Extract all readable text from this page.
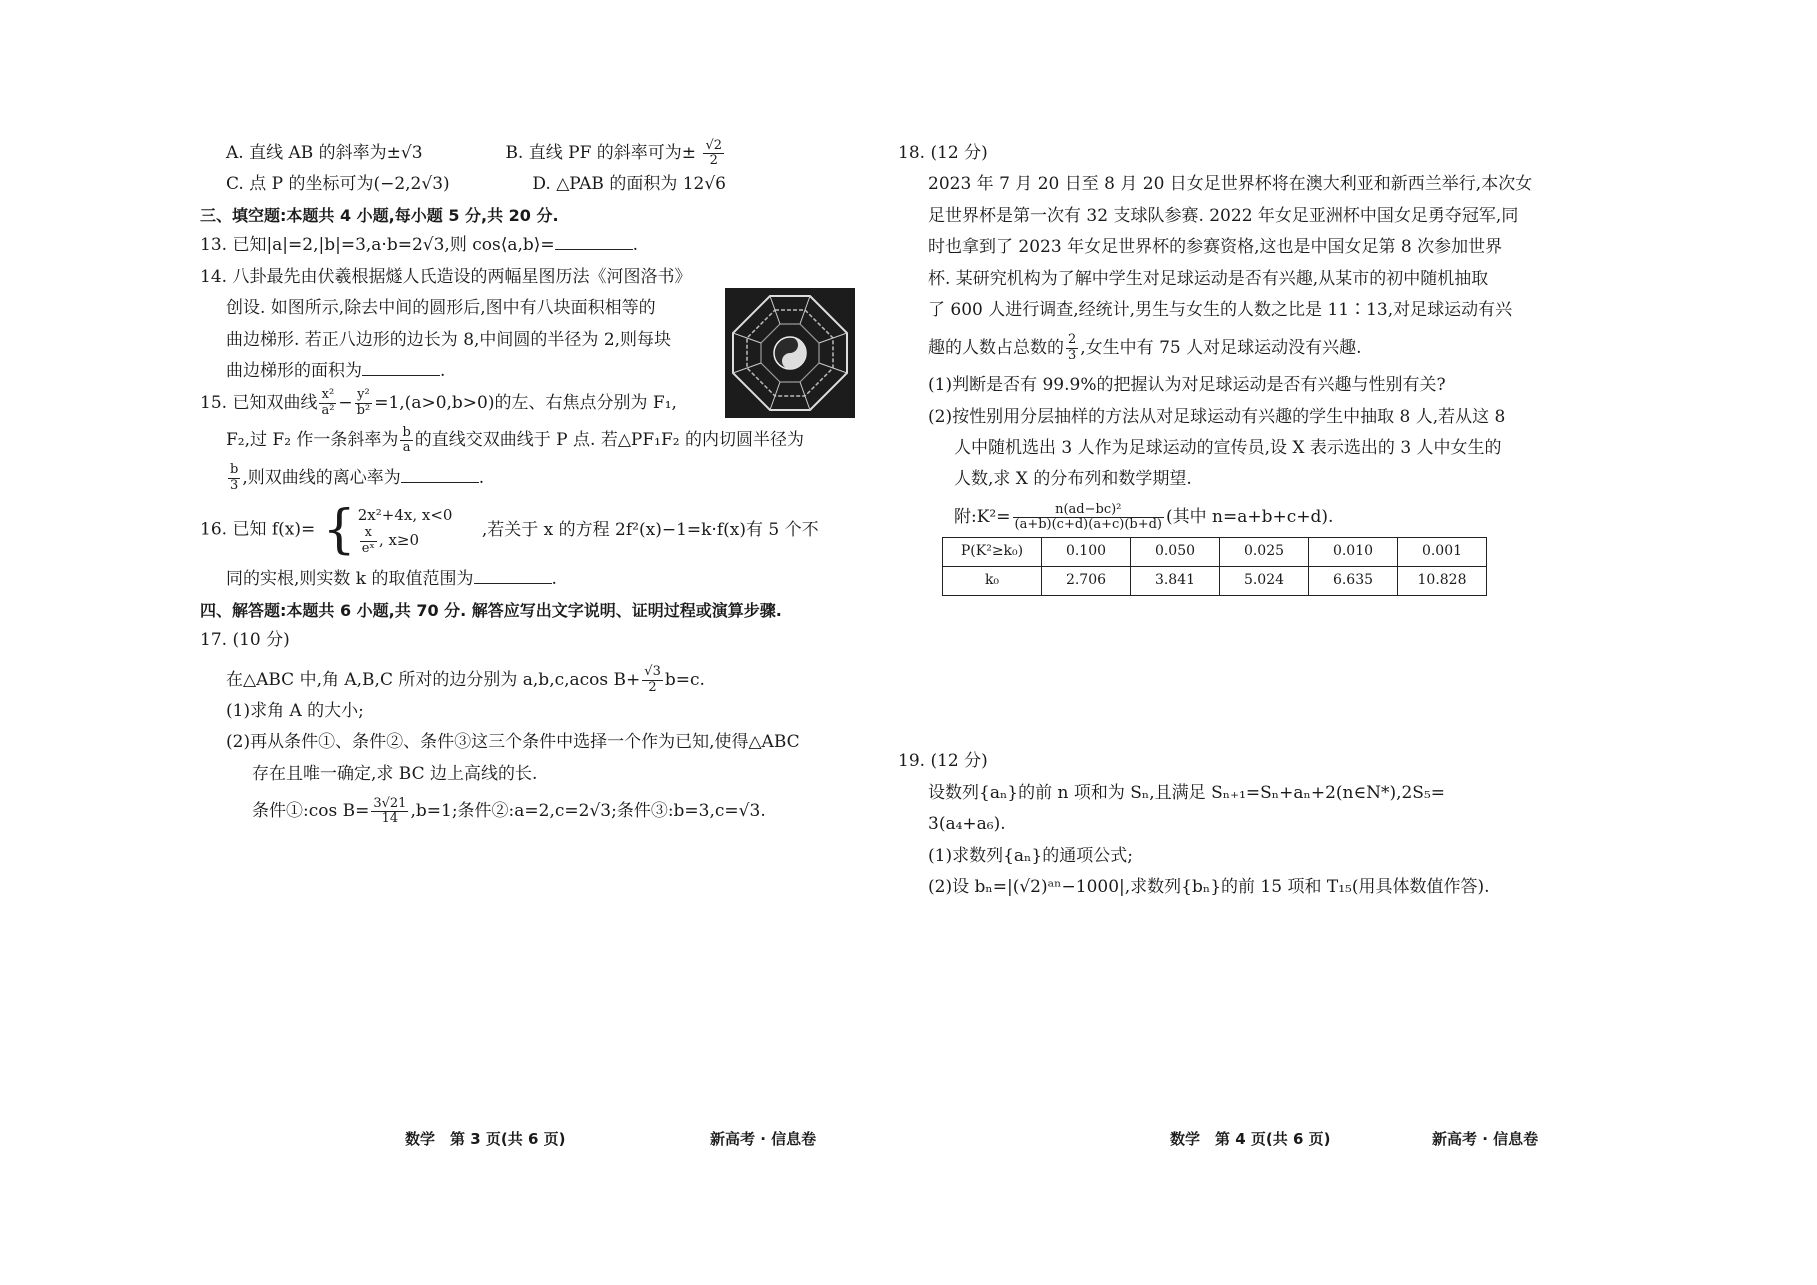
A. 直线 AB 的斜率为±√3	B. 直线 PF 的斜率可为± $\frac{√2}{2}$
C. 点 P 的坐标可为(−2,2√3)	D. △PAB 的面积为 12√6
三、填空题:本题共 4 小题,每小题 5 分,共 20 分.
13. 已知|a|=2,|b|=3,a·b=2√3,则 cos⟨a,b⟩=	.
14. 八卦最先由伏羲根据燧人氏造设的两幅星图历法《河图洛书》
创设. 如图所示,除去中间的圆形后,图中有八块面积相等的
曲边梯形. 若正八边形的边长为 8,中间圆的半径为 2,则每块
曲边梯形的面积为	.
15. 已知双曲线 $\frac{\text{x²}}{\text{a²}} - \frac{\text{y²}}{\text{b²}} =1,(a>0,b>0)$的左、右焦点分别为 F₁,
F₂,过 F₂ 作一条斜率为 $\frac{b}{a}$ 的直线交双曲线于 P 点. 若△PF₁F₂ 的内切圆半径为
$\frac{b}{3}$ ,则双曲线的离心率为	.
16. 已知 f(x)= { 2x²+4x, x<0
$\frac{x}{\text{eˣ}}$ , x≥0
,若关于 x 的方程 2f²(x)−1=k·f(x)有 5 个不
同的实根,则实数 k 的取值范围为	.
四、解答题:本题共 6 小题,共 70 分. 解答应写出文字说明、证明过程或演算步骤.
17. (10 分)
在△ABC 中,角 A,B,C 所对的边分别为 a,b,c,acos $B+ \frac{√3}{2} b=c$.
(1)求角 A 的大小;
(2)再从条件①、条件②、条件③这三个条件中选择一个作为已知,使得△ABC
存在且唯一确定,求 BC 边上高线的长.
条件①:cos $B= \frac{3√21}{14} ,b=1$;条件②:a=2,c=2√3;条件③:b=3,c=√3.
18. (12 分)
2023 年 7 月 20 日至 8 月 20 日女足世界杯将在澳大利亚和新西兰举行,本次女
足世界杯是第一次有 32 支球队参赛. 2022 年女足亚洲杯中国女足勇夺冠军,同
时也拿到了 2023 年女足世界杯的参赛资格,这也是中国女足第 8 次参加世界
杯. 某研究机构为了解中学生对足球运动是否有兴趣,从某市的初中随机抽取
了 600 人进行调查,经统计,男生与女生的人数之比是 11∶13,对足球运动有兴
趣的人数占总数的 $\frac{2}{3}$ ,女生中有 75 人对足球运动没有兴趣.
(1)判断是否有 99.9%的把握认为对足球运动是否有兴趣与性别有关?
(2)按性别用分层抽样的方法从对足球运动有兴趣的学生中抽取 8 人,若从这 8
人中随机选出 3 人作为足球运动的宣传员,设 X 表示选出的 3 人中女生的
人数,求 X 的分布列和数学期望.
附:K²= $\frac{\text{n(ad−bc)²}}{(a+b)(c+d)(a+c)(b+d)}$ (其中 n=a+b+c+d).
P(K²≥k₀)	0.100	0.050	0.025	0.010	0.001
k₀	2.706	3.841	5.024	6.635	10.828
19. (12 分)
设数列{aₙ}的前 n 项和为 Sₙ,且满足 Sₙ₊₁=Sₙ+aₙ+2(n∈N*),2S₅=
3(a₄+a₆).
(1)求数列{aₙ}的通项公式;
(2)设 bₙ=|(√2)ᵃⁿ−1000|,求数列{bₙ}的前 15 项和 T₁₅(用具体数值作答).
数学　第 3 页(共 6 页)	新高考 · 信息卷	数学　第 4 页(共 6 页)	新高考 · 信息卷
